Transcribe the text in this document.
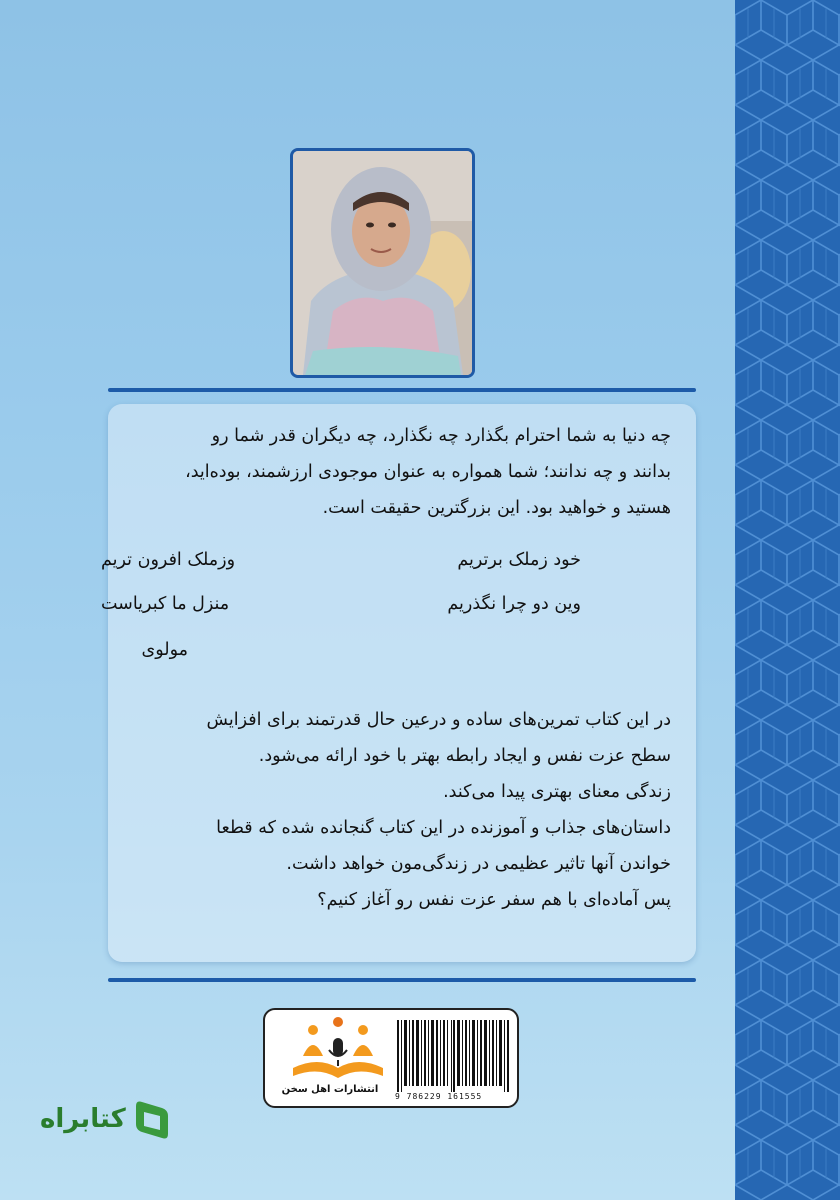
چه دنیا به شما احترام بگذارد چه نگذارد، چه دیگران قدر شما رو

بدانند و چه ندانند؛ شما همواره به عنوان موجودی ارزشمند، بوده‌اید،

هستید و خواهید بود. این بزرگترین حقیقت است.

خود زملک برتریم
وزملک افرون تریم
وین دو چرا نگذریم
منزل ما کبریاست
مولوی

در این کتاب تمرین‌های ساده و درعین حال قدرتمند برای افزایش

سطح عزت نفس و ایجاد رابطه بهتر با خود ارائه می‌شود.

زندگی معنای بهتری پیدا می‌کند.

داستان‌های جذاب و آموزنده در این کتاب گنجانده شده که قطعا

خواندن آنها تاثیر عظیمی در زندگی‌مون خواهد داشت.

پس آماده‌ای با هم سفر عزت نفس رو آغاز کنیم؟

انتشارات اهل سخن
9 786229 161555
کتابراه
